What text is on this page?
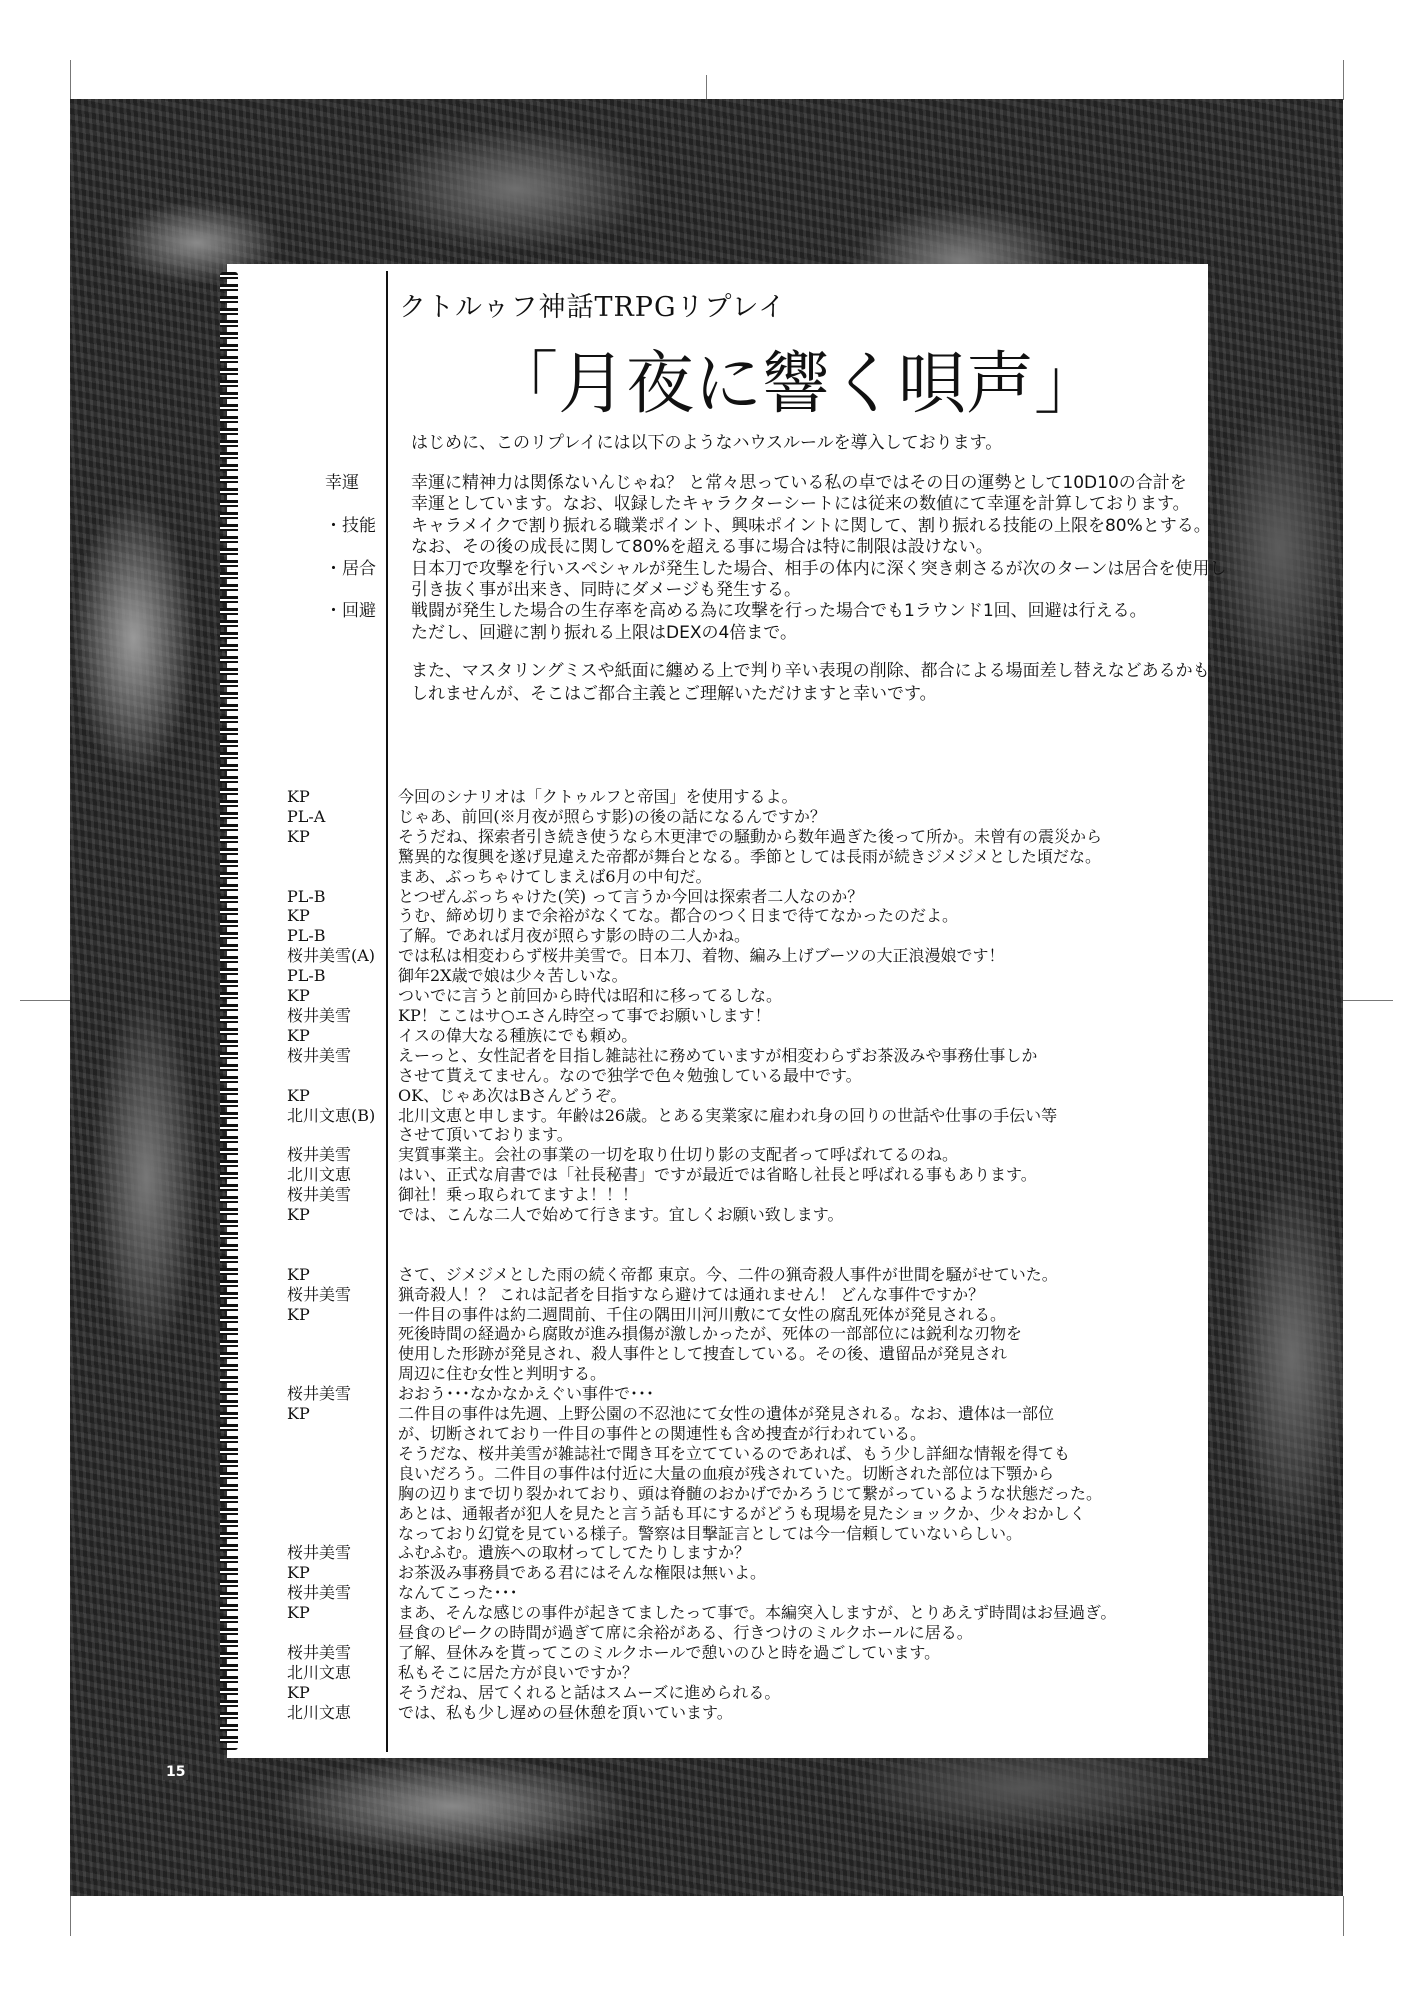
クトルゥフ神話TRPGリプレイ
「月夜に響く唄声」
はじめに、このリプレイには以下のようなハウスルールを導入しております。
幸運	幸運に精神力は関係ないんじゃね？ と常々思っている私の卓ではその日の運勢として10D10の合計を
幸運としています。なお、収録したキャラクターシートには従来の数値にて幸運を計算しております。
・技能	キャラメイクで割り振れる職業ポイント、興味ポイントに関して、割り振れる技能の上限を80%とする。
なお、その後の成長に関して80%を超える事に場合は特に制限は設けない。
・居合	日本刀で攻撃を行いスペシャルが発生した場合、相手の体内に深く突き刺さるが次のターンは居合を使用し
引き抜く事が出来き、同時にダメージも発生する。
・回避	戦闘が発生した場合の生存率を高める為に攻撃を行った場合でも1ラウンド1回、回避は行える。
ただし、回避に割り振れる上限はDEXの4倍まで。
また、マスタリングミスや紙面に纏める上で判り辛い表現の削除、都合による場面差し替えなどあるかも
しれませんが、そこはご都合主義とご理解いただけますと幸いです。
KP	今回のシナリオは「クトゥルフと帝国」を使用するよ。
PL-A	じゃあ、前回(※月夜が照らす影)の後の話になるんですか？
KP	そうだね、探索者引き続き使うなら木更津での騒動から数年過ぎた後って所か。未曾有の震災から
驚異的な復興を遂げ見違えた帝都が舞台となる。季節としては長雨が続きジメジメとした頃だな。
まあ、ぶっちゃけてしまえば6月の中旬だ。
PL-B	とつぜんぶっちゃけた(笑) って言うか今回は探索者二人なのか？
KP	うむ、締め切りまで余裕がなくてな。都合のつく日まで待てなかったのだよ。
PL-B	了解。であれば月夜が照らす影の時の二人かね。
桜井美雪(A)	では私は相変わらず桜井美雪で。日本刀、着物、編み上げブーツの大正浪漫娘です！
PL-B	御年2X歳で娘は少々苦しいな。
KP	ついでに言うと前回から時代は昭和に移ってるしな。
桜井美雪	KP！ここはサ○エさん時空って事でお願いします！
KP	イスの偉大なる種族にでも頼め。
桜井美雪	えーっと、女性記者を目指し雑誌社に務めていますが相変わらずお茶汲みや事務仕事しか
させて貰えてません。なので独学で色々勉強している最中です。
KP	OK、じゃあ次はBさんどうぞ。
北川文恵(B)	北川文恵と申します。年齢は26歳。とある実業家に雇われ身の回りの世話や仕事の手伝い等
させて頂いております。
桜井美雪	実質事業主。会社の事業の一切を取り仕切り影の支配者って呼ばれてるのね。
北川文恵	はい、正式な肩書では「社長秘書」ですが最近では省略し社長と呼ばれる事もあります。
桜井美雪	御社！乗っ取られてますよ！！！
KP	では、こんな二人で始めて行きます。宜しくお願い致します。
KP	さて、ジメジメとした雨の続く帝都 東京。今、二件の猟奇殺人事件が世間を騒がせていた。
桜井美雪	猟奇殺人！？ これは記者を目指すなら避けては通れません！ どんな事件ですか？
KP	一件目の事件は約二週間前、千住の隅田川河川敷にて女性の腐乱死体が発見される。
死後時間の経過から腐敗が進み損傷が激しかったが、死体の一部部位には鋭利な刃物を
使用した形跡が発見され、殺人事件として捜査している。その後、遺留品が発見され
周辺に住む女性と判明する。
桜井美雪	おおう･･･なかなかえぐい事件で･･･
KP	二件目の事件は先週、上野公園の不忍池にて女性の遺体が発見される。なお、遺体は一部位
が、切断されており一件目の事件との関連性も含め捜査が行われている。
そうだな、桜井美雪が雑誌社で聞き耳を立てているのであれば、もう少し詳細な情報を得ても
良いだろう。二件目の事件は付近に大量の血痕が残されていた。切断された部位は下顎から
胸の辺りまで切り裂かれており、頭は脊髄のおかげでかろうじて繋がっているような状態だった。
あとは、通報者が犯人を見たと言う話も耳にするがどうも現場を見たショックか、少々おかしく
なっており幻覚を見ている様子。警察は目撃証言としては今一信頼していないらしい。
桜井美雪	ふむふむ。遺族への取材ってしてたりしますか？
KP	お茶汲み事務員である君にはそんな権限は無いよ。
桜井美雪	なんてこった･･･
KP	まあ、そんな感じの事件が起きてましたって事で。本編突入しますが、とりあえず時間はお昼過ぎ。
昼食のピークの時間が過ぎて席に余裕がある、行きつけのミルクホールに居る。
桜井美雪	了解、昼休みを貰ってこのミルクホールで憩いのひと時を過ごしています。
北川文恵	私もそこに居た方が良いですか？
KP	そうだね、居てくれると話はスムーズに進められる。
北川文恵	では、私も少し遅めの昼休憩を頂いています。
15
